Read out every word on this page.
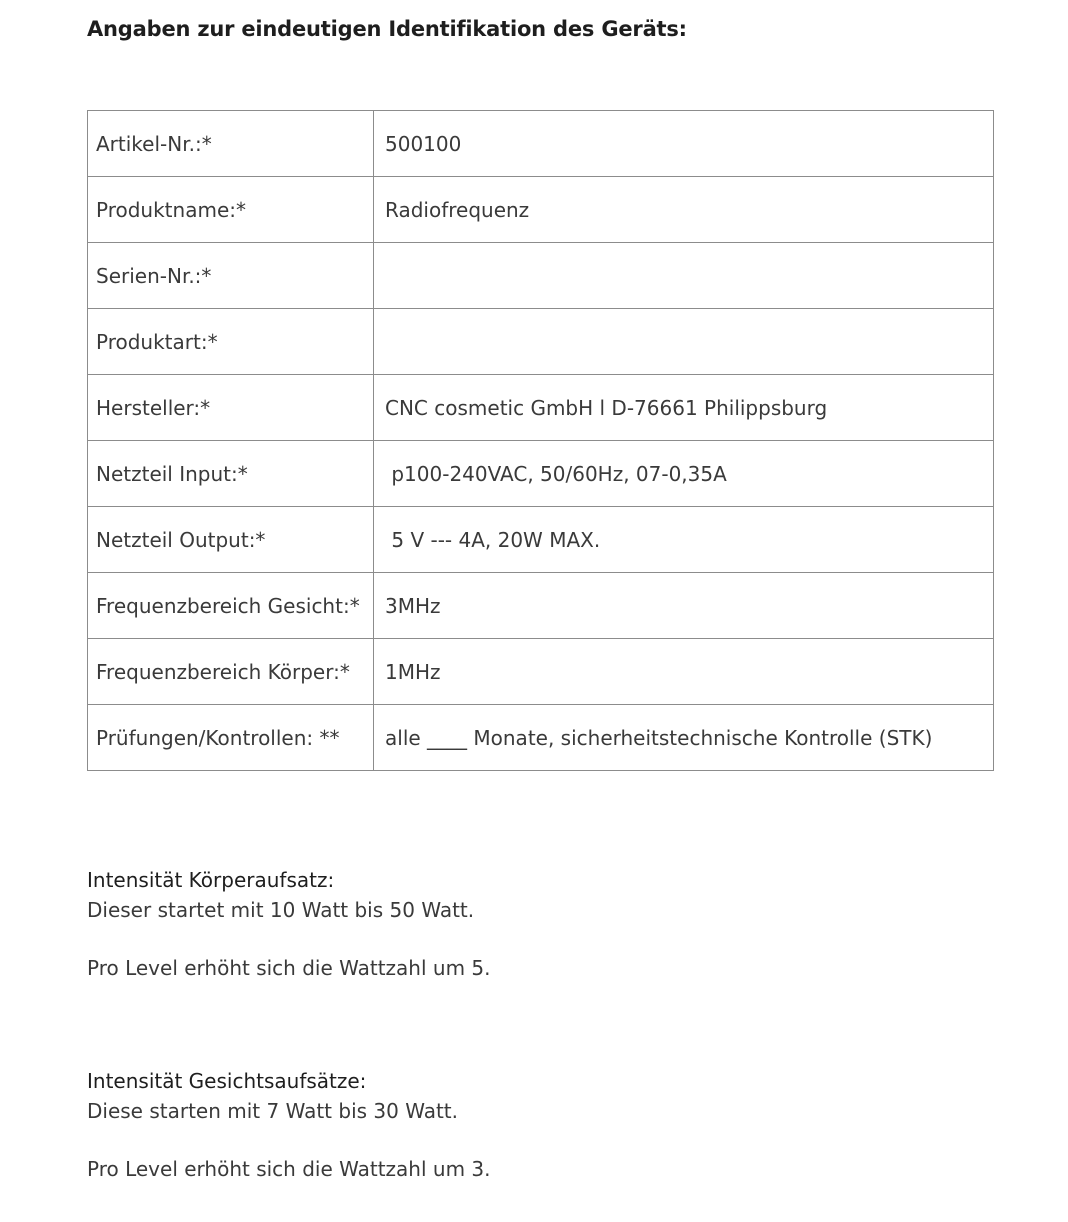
Angaben zur eindeutigen Identifikation des Geräts:
Artikel-Nr.:*	500100
Produktname:*	Radiofrequenz
Serien-Nr.:*	
Produktart:*	
Hersteller:*	CNC cosmetic GmbH l D-76661 Philippsburg
Netzteil Input:*	p100-240VAC, 50/60Hz, 07-0,35A
Netzteil Output:*	5 V --- 4A, 20W MAX.
Frequenzbereich Gesicht:*	3MHz
Frequenzbereich Körper:*	1MHz
Prüfungen/Kontrollen: **	alle ____ Monate, sicherheitstechnische Kontrolle (STK)
Intensität Körperaufsatz:
Dieser startet mit 10 Watt bis 50 Watt.
Pro Level erhöht sich die Wattzahl um 5.
Intensität Gesichtsaufsätze:
Diese starten mit 7 Watt bis 30 Watt.
Pro Level erhöht sich die Wattzahl um 3.
